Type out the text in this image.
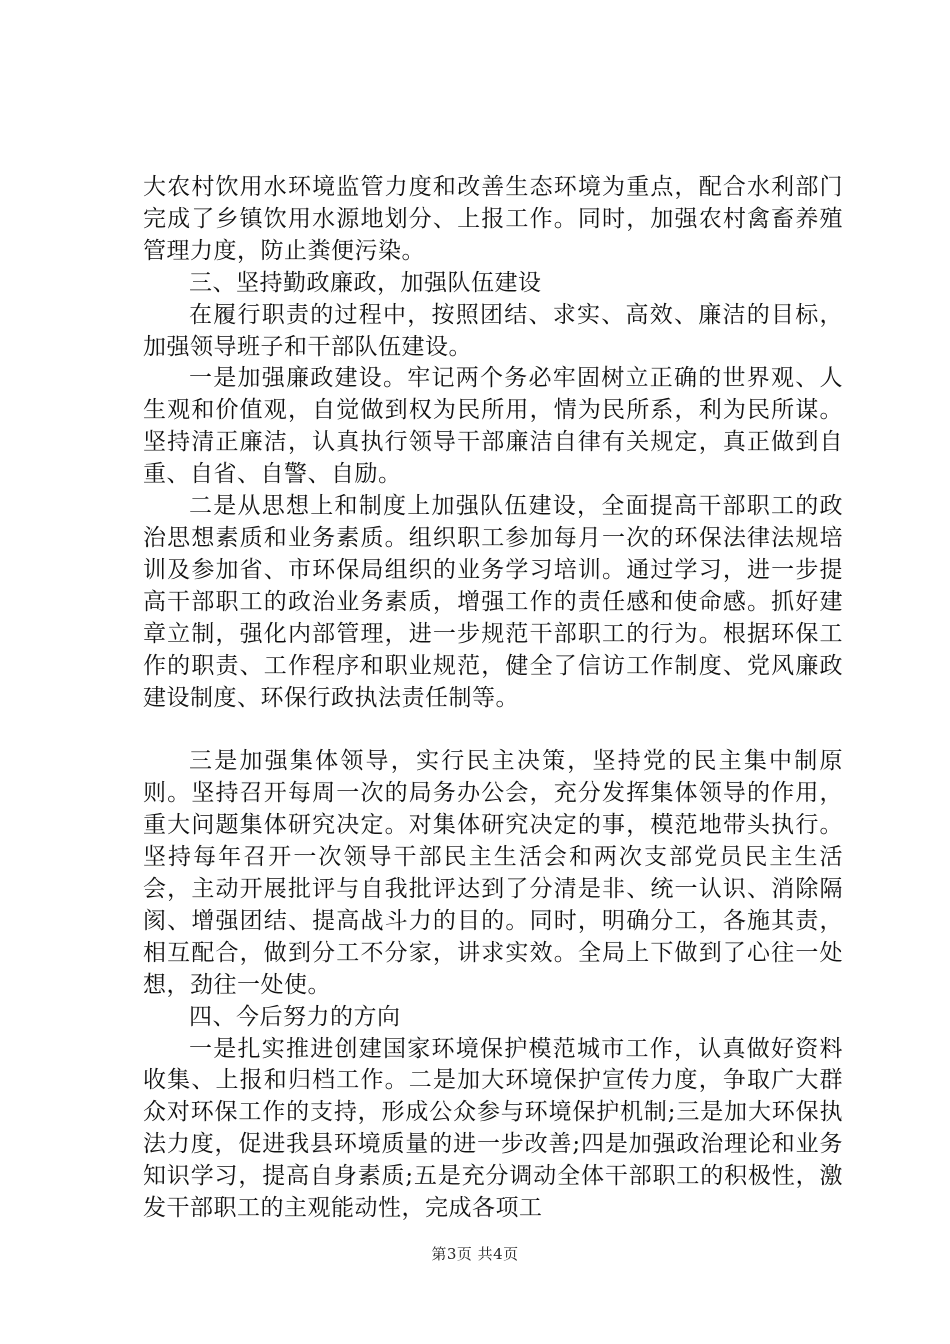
大农村饮用水环境监管力度和改善生态环境为重点，配合水利部门完成了乡镇饮用水源地划分、上报工作。同时，加强农村禽畜养殖管理力度，防止粪便污染。

三、坚持勤政廉政，加强队伍建设

在履行职责的过程中，按照团结、求实、高效、廉洁的目标，加强领导班子和干部队伍建设。

一是加强廉政建设。牢记两个务必牢固树立正确的世界观、人生观和价值观，自觉做到权为民所用，情为民所系，利为民所谋。坚持清正廉洁，认真执行领导干部廉洁自律有关规定，真正做到自重、自省、自警、自励。

二是从思想上和制度上加强队伍建设，全面提高干部职工的政治思想素质和业务素质。组织职工参加每月一次的环保法律法规培训及参加省、市环保局组织的业务学习培训。通过学习，进一步提高干部职工的政治业务素质，增强工作的责任感和使命感。抓好建章立制，强化内部管理，进一步规范干部职工的行为。根据环保工作的职责、工作程序和职业规范，健全了信访工作制度、党风廉政建设制度、环保行政执法责任制等。

三是加强集体领导，实行民主决策，坚持党的民主集中制原则。坚持召开每周一次的局务办公会，充分发挥集体领导的作用，重大问题集体研究决定。对集体研究决定的事，模范地带头执行。坚持每年召开一次领导干部民主生活会和两次支部党员民主生活会，主动开展批评与自我批评达到了分清是非、统一认识、消除隔阂、增强团结、提高战斗力的目的。同时，明确分工，各施其责，相互配合，做到分工不分家，讲求实效。全局上下做到了心往一处想，劲往一处使。

四、今后努力的方向

一是扎实推进创建国家环境保护模范城市工作，认真做好资料收集、上报和归档工作。二是加大环境保护宣传力度，争取广大群众对环保工作的支持，形成公众参与环境保护机制;三是加大环保执法力度，促进我县环境质量的进一步改善;四是加强政治理论和业务知识学习，提高自身素质;五是充分调动全体干部职工的积极性，激发干部职工的主观能动性，完成各项工

第3页 共4页
